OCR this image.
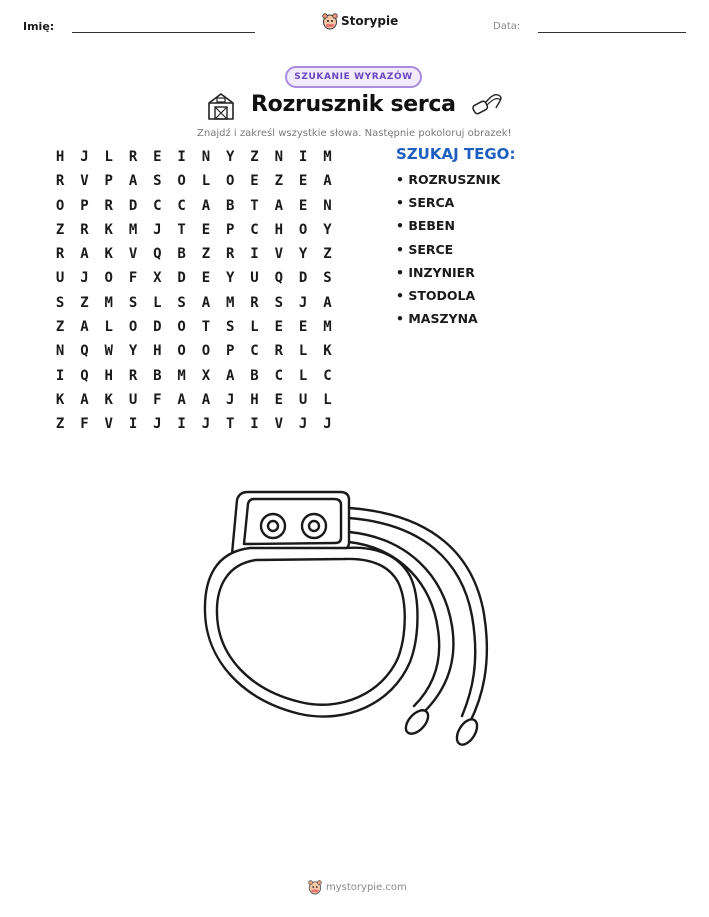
Imię:	Storypie	Data:
SZUKANIE WYRAZÓW
Rozrusznik serca
Znajdź i zakreśl wszystkie słowa. Następnie pokoloruj obrazek!
H	J	L	R	E	I	N	Y	Z	N	I	M
R	V	P	A	S	O	L	O	E	Z	E	A
O	P	R	D	C	C	A	B	T	A	E	N
Z	R	K	M	J	T	E	P	C	H	O	Y
R	A	K	V	Q	B	Z	R	I	V	Y	Z
U	J	O	F	X	D	E	Y	U	Q	D	S
S	Z	M	S	L	S	A	M	R	S	J	A
Z	A	L	O	D	O	T	S	L	E	E	M
N	Q	W	Y	H	O	O	P	C	R	L	K
I	Q	H	R	B	M	X	A	B	C	L	C
K	A	K	U	F	A	A	J	H	E	U	L
Z	F	V	I	J	I	J	T	I	V	J	J
SZUKAJ TEGO:
• ROZRUSZNIK
• SERCA
• BEBEN
• SERCE
• INZYNIER
• STODOLA
• MASZYNA
mystorypie.com
